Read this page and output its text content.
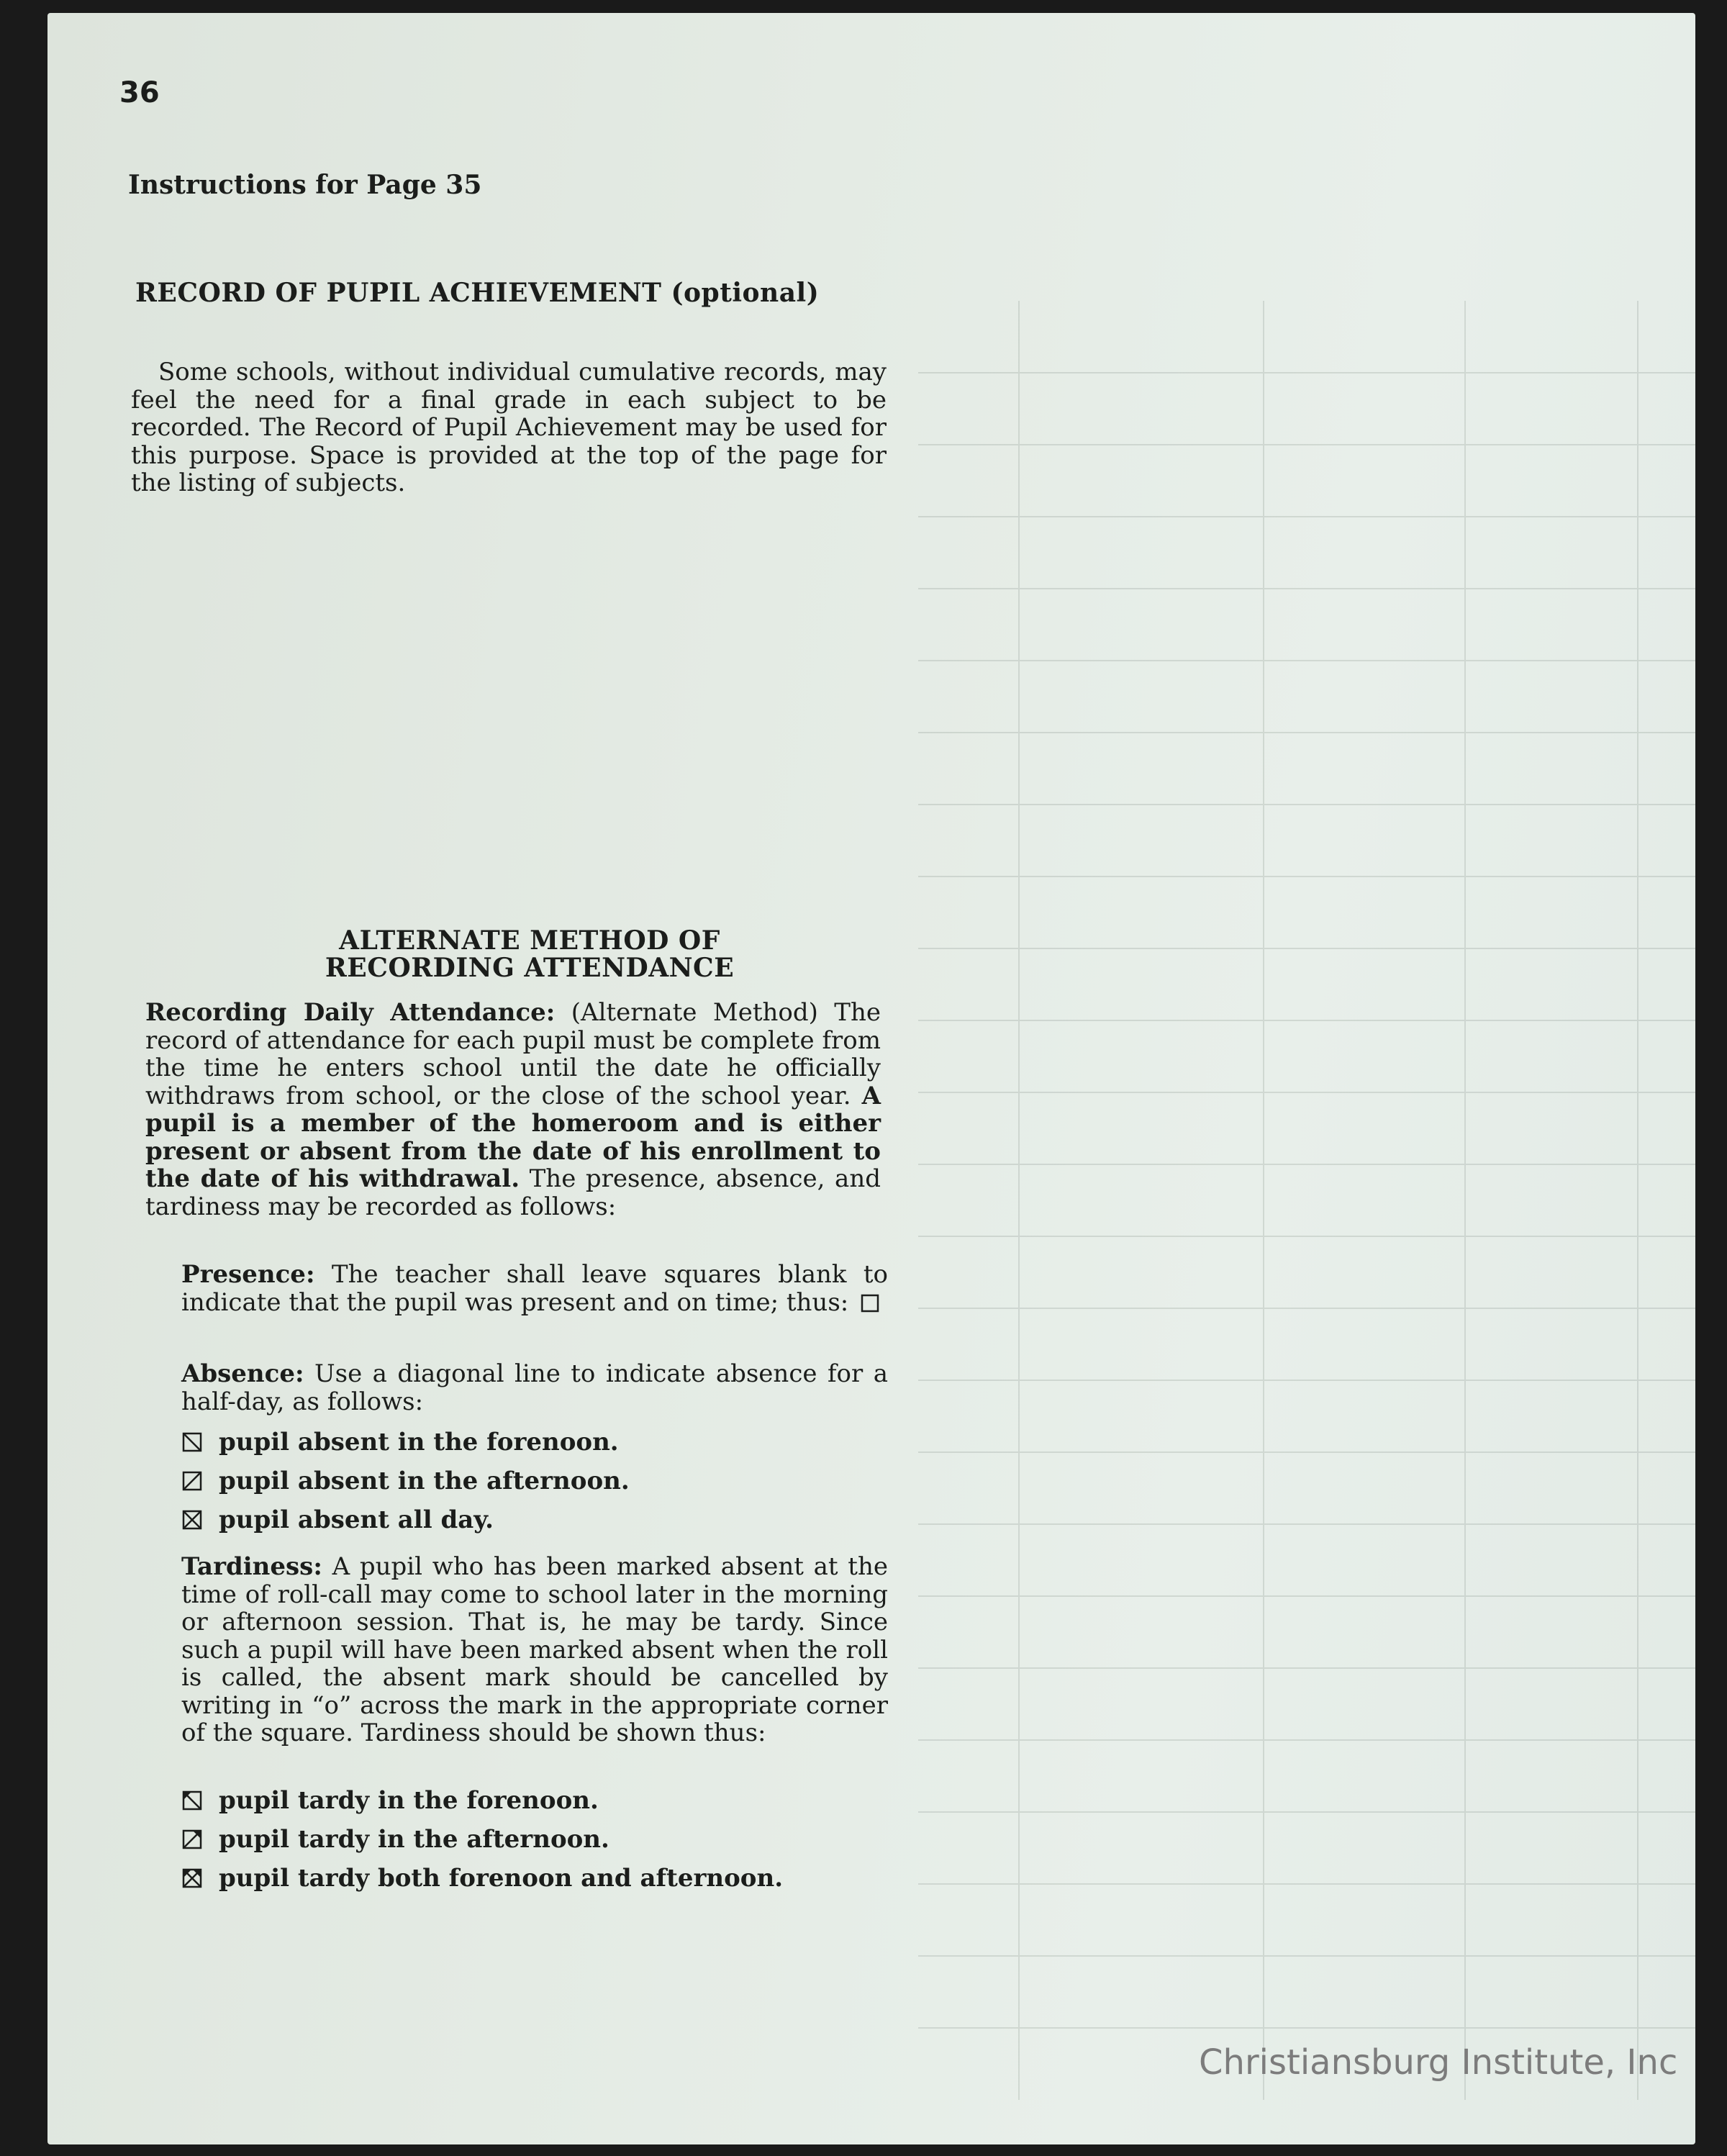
36
Instructions for Page 35
RECORD OF PUPIL ACHIEVEMENT (optional)
Some schools, without individual cumulative records, may feel the need for a final grade in each subject to be recorded. The Record of Pupil Achievement may be used for this purpose. Space is provided at the top of the page for the listing of subjects.
ALTERNATE METHOD OF
RECORDING ATTENDANCE
Recording Daily Attendance: (Alternate Method) The record of attendance for each pupil must be complete from the time he enters school until the date he officially withdraws from school, or the close of the school year. A pupil is a member of the homeroom and is either present or absent from the date of his enrollment to the date of his withdrawal. The presence, absence, and tardiness may be recorded as follows:
Presence: The teacher shall leave squares blank to indicate that the pupil was present and on time; thus:
Absence: Use a diagonal line to indicate absence for a half-day, as follows:
pupil absent in the forenoon.
pupil absent in the afternoon.
pupil absent all day.
Tardiness: A pupil who has been marked absent at the time of roll-call may come to school later in the morning or afternoon session. That is, he may be tardy. Since such a pupil will have been marked absent when the roll is called, the absent mark should be cancelled by writing in “o” across the mark in the appropriate corner of the square. Tardiness should be shown thus:
pupil tardy in the forenoon.
pupil tardy in the afternoon.
pupil tardy both forenoon and afternoon.
Christiansburg Institute, Inc
